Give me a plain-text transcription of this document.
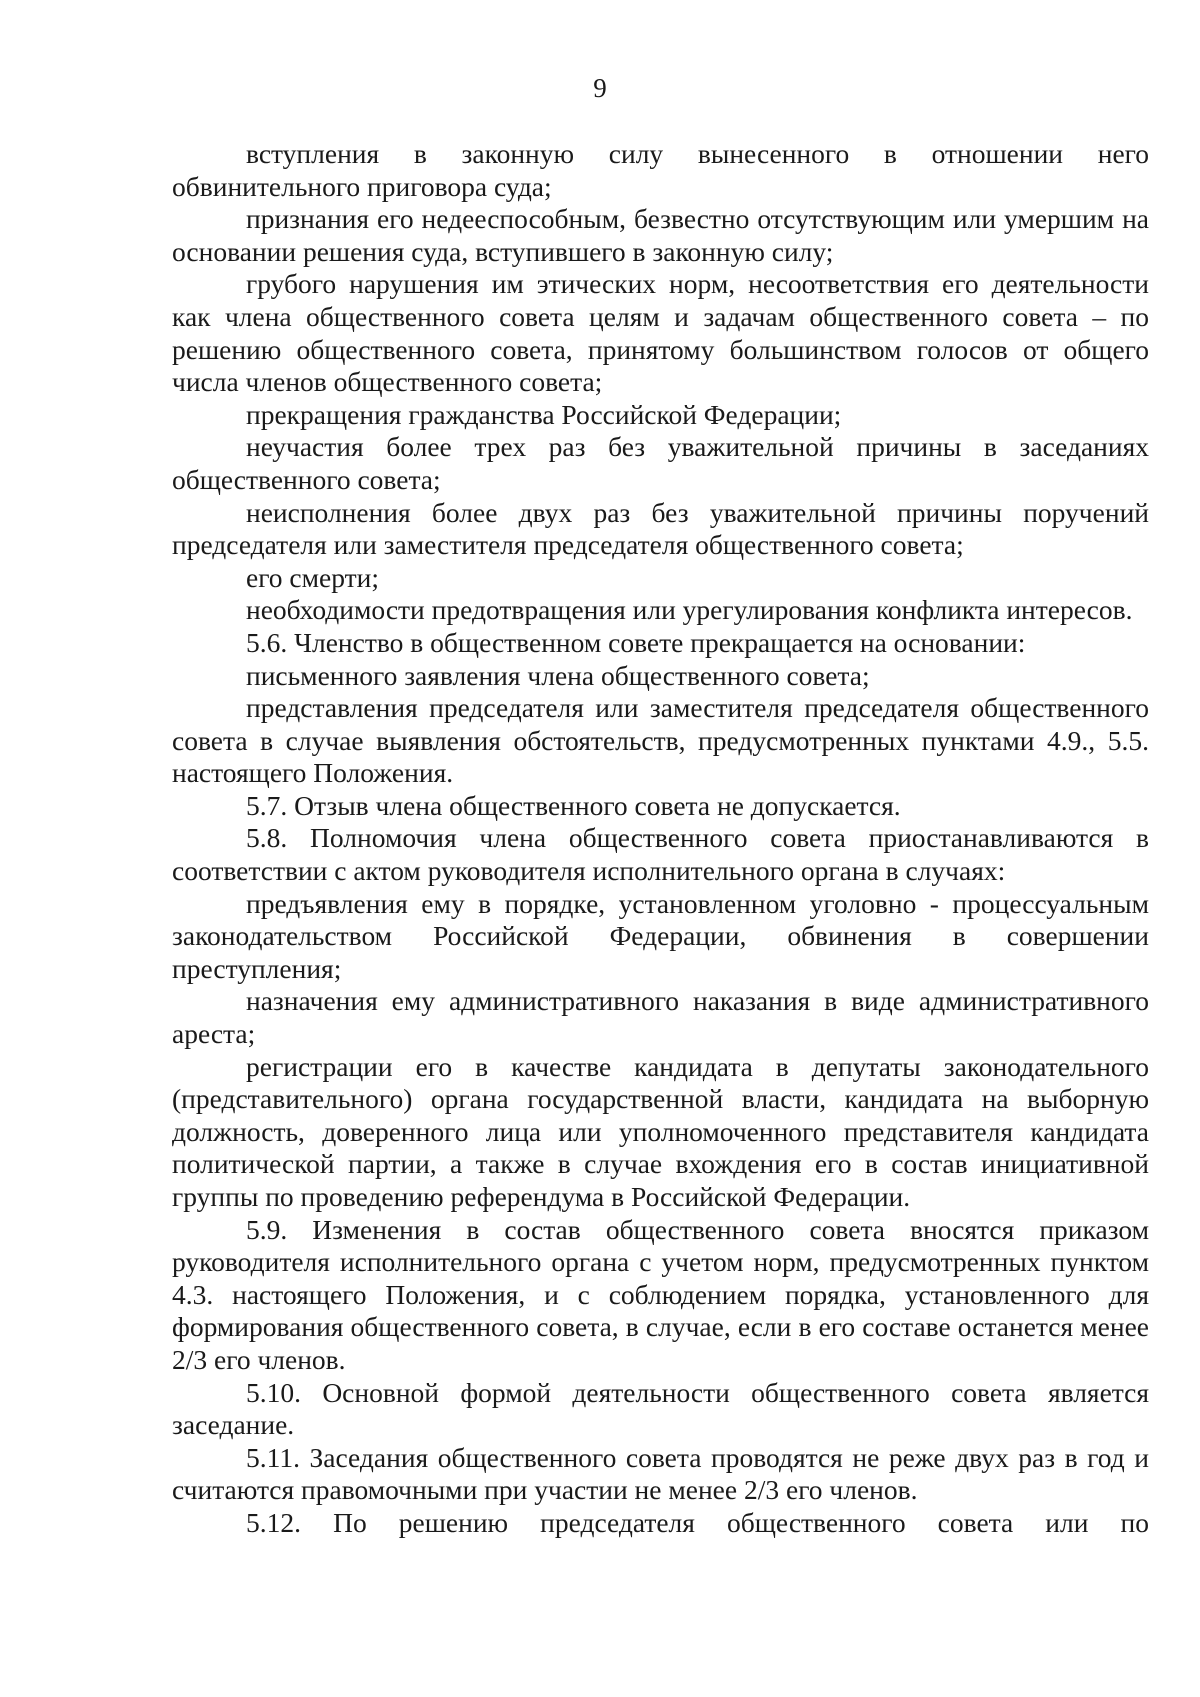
9

вступления в законную силу вынесенного в отношении него обвинительного приговора суда;

признания его недееспособным, безвестно отсутствующим или умершим на основании решения суда, вступившего в законную силу;

грубого нарушения им этических норм, несоответствия его деятельности как члена общественного совета целям и задачам общественного совета – по решению общественного совета, принятому большинством голосов от общего числа членов общественного совета;

прекращения гражданства Российской Федерации;

неучастия более трех раз без уважительной причины в заседаниях общественного совета;

неисполнения более двух раз без уважительной причины поручений председателя или заместителя председателя общественного совета;

его смерти;

необходимости предотвращения или урегулирования конфликта интересов.

5.6. Членство в общественном совете прекращается на основании:

письменного заявления члена общественного совета;

представления председателя или заместителя председателя общественного совета в случае выявления обстоятельств, предусмотренных пунктами 4.9., 5.5. настоящего Положения.

5.7. Отзыв члена общественного совета не допускается.

5.8. Полномочия члена общественного совета приостанавливаются в соответствии с актом руководителя исполнительного органа в случаях:

предъявления ему в порядке, установленном уголовно - процессуальным законодательством Российской Федерации, обвинения в совершении преступления;

назначения ему административного наказания в виде административного ареста;

регистрации его в качестве кандидата в депутаты законодательного (представительного) органа государственной власти, кандидата на выборную должность, доверенного лица или уполномоченного представителя кандидата политической партии, а также в случае вхождения его в состав инициативной группы по проведению референдума в Российской Федерации.

5.9. Изменения в состав общественного совета вносятся приказом руководителя исполнительного органа с учетом норм, предусмотренных пунктом 4.3. настоящего Положения, и с соблюдением порядка, установленного для формирования общественного совета, в случае, если в его составе останется менее 2/3 его членов.

5.10. Основной формой деятельности общественного совета является заседание.

5.11. Заседания общественного совета проводятся не реже двух раз в год и считаются правомочными при участии не менее 2/3 его членов.

5.12. По решению председателя общественного совета или по
